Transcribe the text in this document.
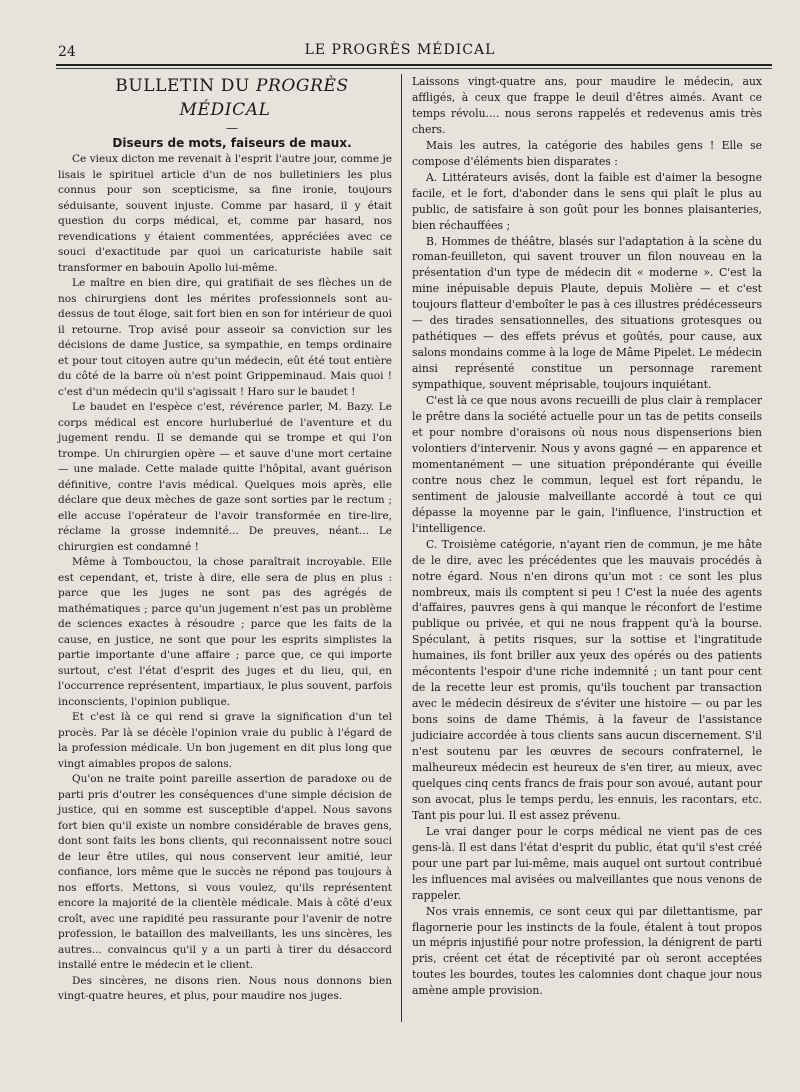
24	LE PROGRÈS MÉDICAL

BULLETIN DU PROGRÈS MÉDICAL

—

Diseurs de mots, faiseurs de maux.

Ce vieux dicton me revenait à l'esprit l'autre jour, comme je lisais le spirituel article d'un de nos bulletiniers les plus connus pour son scepticisme, sa fine ironie, toujours séduisante, souvent injuste. Comme par hasard, il y était question du corps médical, et, comme par hasard, nos revendications y étaient commentées, appréciées avec ce souci d'exactitude par quoi un caricaturiste habile sait transformer en babouin Apollo lui-même.

Le maître en bien dire, qui gratifiait de ses flèches un de nos chirurgiens dont les mérites professionnels sont au-dessus de tout éloge, sait fort bien en son for intérieur de quoi il retourne. Trop avisé pour asseoir sa conviction sur les décisions de dame Justice, sa sympathie, en temps ordinaire et pour tout citoyen autre qu'un médecin, eût été tout entière du côté de la barre où n'est point Grippeminaud. Mais quoi ! c'est d'un médecin qu'il s'agissait ! Haro sur le baudet !

Le baudet en l'espèce c'est, révérence parler, M. Bazy. Le corps médical est encore hurluberlué de l'aventure et du jugement rendu. Il se demande qui se trompe et qui l'on trompe. Un chirurgien opère — et sauve d'une mort certaine — une malade. Cette malade quitte l'hôpital, avant guérison définitive, contre l'avis médical. Quelques mois après, elle déclare que deux mèches de gaze sont sorties par le rectum ; elle accuse l'opérateur de l'avoir transformée en tire-lire, réclame la grosse indemnité... De preuves, néant... Le chirurgien est condamné !

Même à Tombouctou, la chose paraîtrait incroyable. Elle est cependant, et, triste à dire, elle sera de plus en plus : parce que les juges ne sont pas des agrégés de mathématiques ; parce qu'un jugement n'est pas un problème de sciences exactes à résoudre ; parce que les faits de la cause, en justice, ne sont que pour les esprits simplistes la partie importante d'une affaire ; parce que, ce qui importe surtout, c'est l'état d'esprit des juges et du lieu, qui, en l'occurrence représentent, impartiaux, le plus souvent, parfois inconscients, l'opinion publique.

Et c'est là ce qui rend si grave la signification d'un tel procès. Par là se décèle l'opinion vraie du public à l'égard de la profession médicale. Un bon jugement en dit plus long que vingt aimables propos de salons.

Qu'on ne traite point pareille assertion de paradoxe ou de parti pris d'outrer les conséquences d'une simple décision de justice, qui en somme est susceptible d'appel. Nous savons fort bien qu'il existe un nombre considérable de braves gens, dont sont faits les bons clients, qui reconnaissent notre souci de leur être utiles, qui nous conservent leur amitié, leur confiance, lors même que le succès ne répond pas toujours à nos efforts. Mettons, si vous voulez, qu'ils représentent encore la majorité de la clientèle médicale. Mais à côté d'eux croît, avec une rapidité peu rassurante pour l'avenir de notre profession, le bataillon des malveillants, les uns sincères, les autres... convaincus qu'il y a un parti à tirer du désaccord installé entre le médecin et le client.

Des sincères, ne disons rien. Nous nous donnons bien vingt-quatre heures, et plus, pour maudire nos juges.

Laissons vingt-quatre ans, pour maudire le médecin, aux affligés, à ceux que frappe le deuil d'êtres aimés. Avant ce temps révolu.... nous serons rappelés et redevenus amis très chers.

Mais les autres, la catégorie des habiles gens ! Elle se compose d'éléments bien disparates :

A. Littérateurs avisés, dont la faible est d'aimer la besogne facile, et le fort, d'abonder dans le sens qui plaît le plus au public, de satisfaire à son goût pour les bonnes plaisanteries, bien réchauffées ;

B. Hommes de théâtre, blasés sur l'adaptation à la scène du roman-feuilleton, qui savent trouver un filon nouveau en la présentation d'un type de médecin dit « moderne ». C'est la mine inépuisable depuis Plaute, depuis Molière — et c'est toujours flatteur d'emboîter le pas à ces illustres prédécesseurs — des tirades sensationnelles, des situations grotesques ou pathétiques — des effets prévus et goûtés, pour cause, aux salons mondains comme à la loge de Mâme Pipelet. Le médecin ainsi représenté constitue un personnage rarement sympathique, souvent méprisable, toujours inquiétant.

C'est là ce que nous avons recueilli de plus clair à remplacer le prêtre dans la société actuelle pour un tas de petits conseils et pour nombre d'oraisons où nous nous dispenserions bien volontiers d'intervenir. Nous y avons gagné — en apparence et momentanément — une situation prépondérante qui éveille contre nous chez le commun, lequel est fort répandu, le sentiment de jalousie malveillante accordé à tout ce qui dépasse la moyenne par le gain, l'influence, l'instruction et l'intelligence.

C. Troisième catégorie, n'ayant rien de commun, je me hâte de le dire, avec les précédentes que les mauvais procédés à notre égard. Nous n'en dirons qu'un mot : ce sont les plus nombreux, mais ils comptent si peu ! C'est la nuée des agents d'affaires, pauvres gens à qui manque le réconfort de l'estime publique ou privée, et qui ne nous frappent qu'à la bourse. Spéculant, à petits risques, sur la sottise et l'ingratitude humaines, ils font briller aux yeux des opérés ou des patients mécontents l'espoir d'une riche indemnité ; un tant pour cent de la recette leur est promis, qu'ils touchent par transaction avec le médecin désireux de s'éviter une histoire — ou par les bons soins de dame Thémis, à la faveur de l'assistance judiciaire accordée à tous clients sans aucun discernement. S'il n'est soutenu par les œuvres de secours confraternel, le malheureux médecin est heureux de s'en tirer, au mieux, avec quelques cinq cents francs de frais pour son avoué, autant pour son avocat, plus le temps perdu, les ennuis, les racontars, etc. Tant pis pour lui. Il est assez prévenu.

Le vrai danger pour le corps médical ne vient pas de ces gens-là. Il est dans l'état d'esprit du public, état qu'il s'est créé pour une part par lui-même, mais auquel ont surtout contribué les influences mal avisées ou malveillantes que nous venons de rappeler.

Nos vrais ennemis, ce sont ceux qui par dilettantisme, par flagornerie pour les instincts de la foule, étalent à tout propos un mépris injustifié pour notre profession, la dénigrent de parti pris, créent cet état de réceptivité par où seront acceptées toutes les bourdes, toutes les calomnies dont chaque jour nous amène ample provision.
